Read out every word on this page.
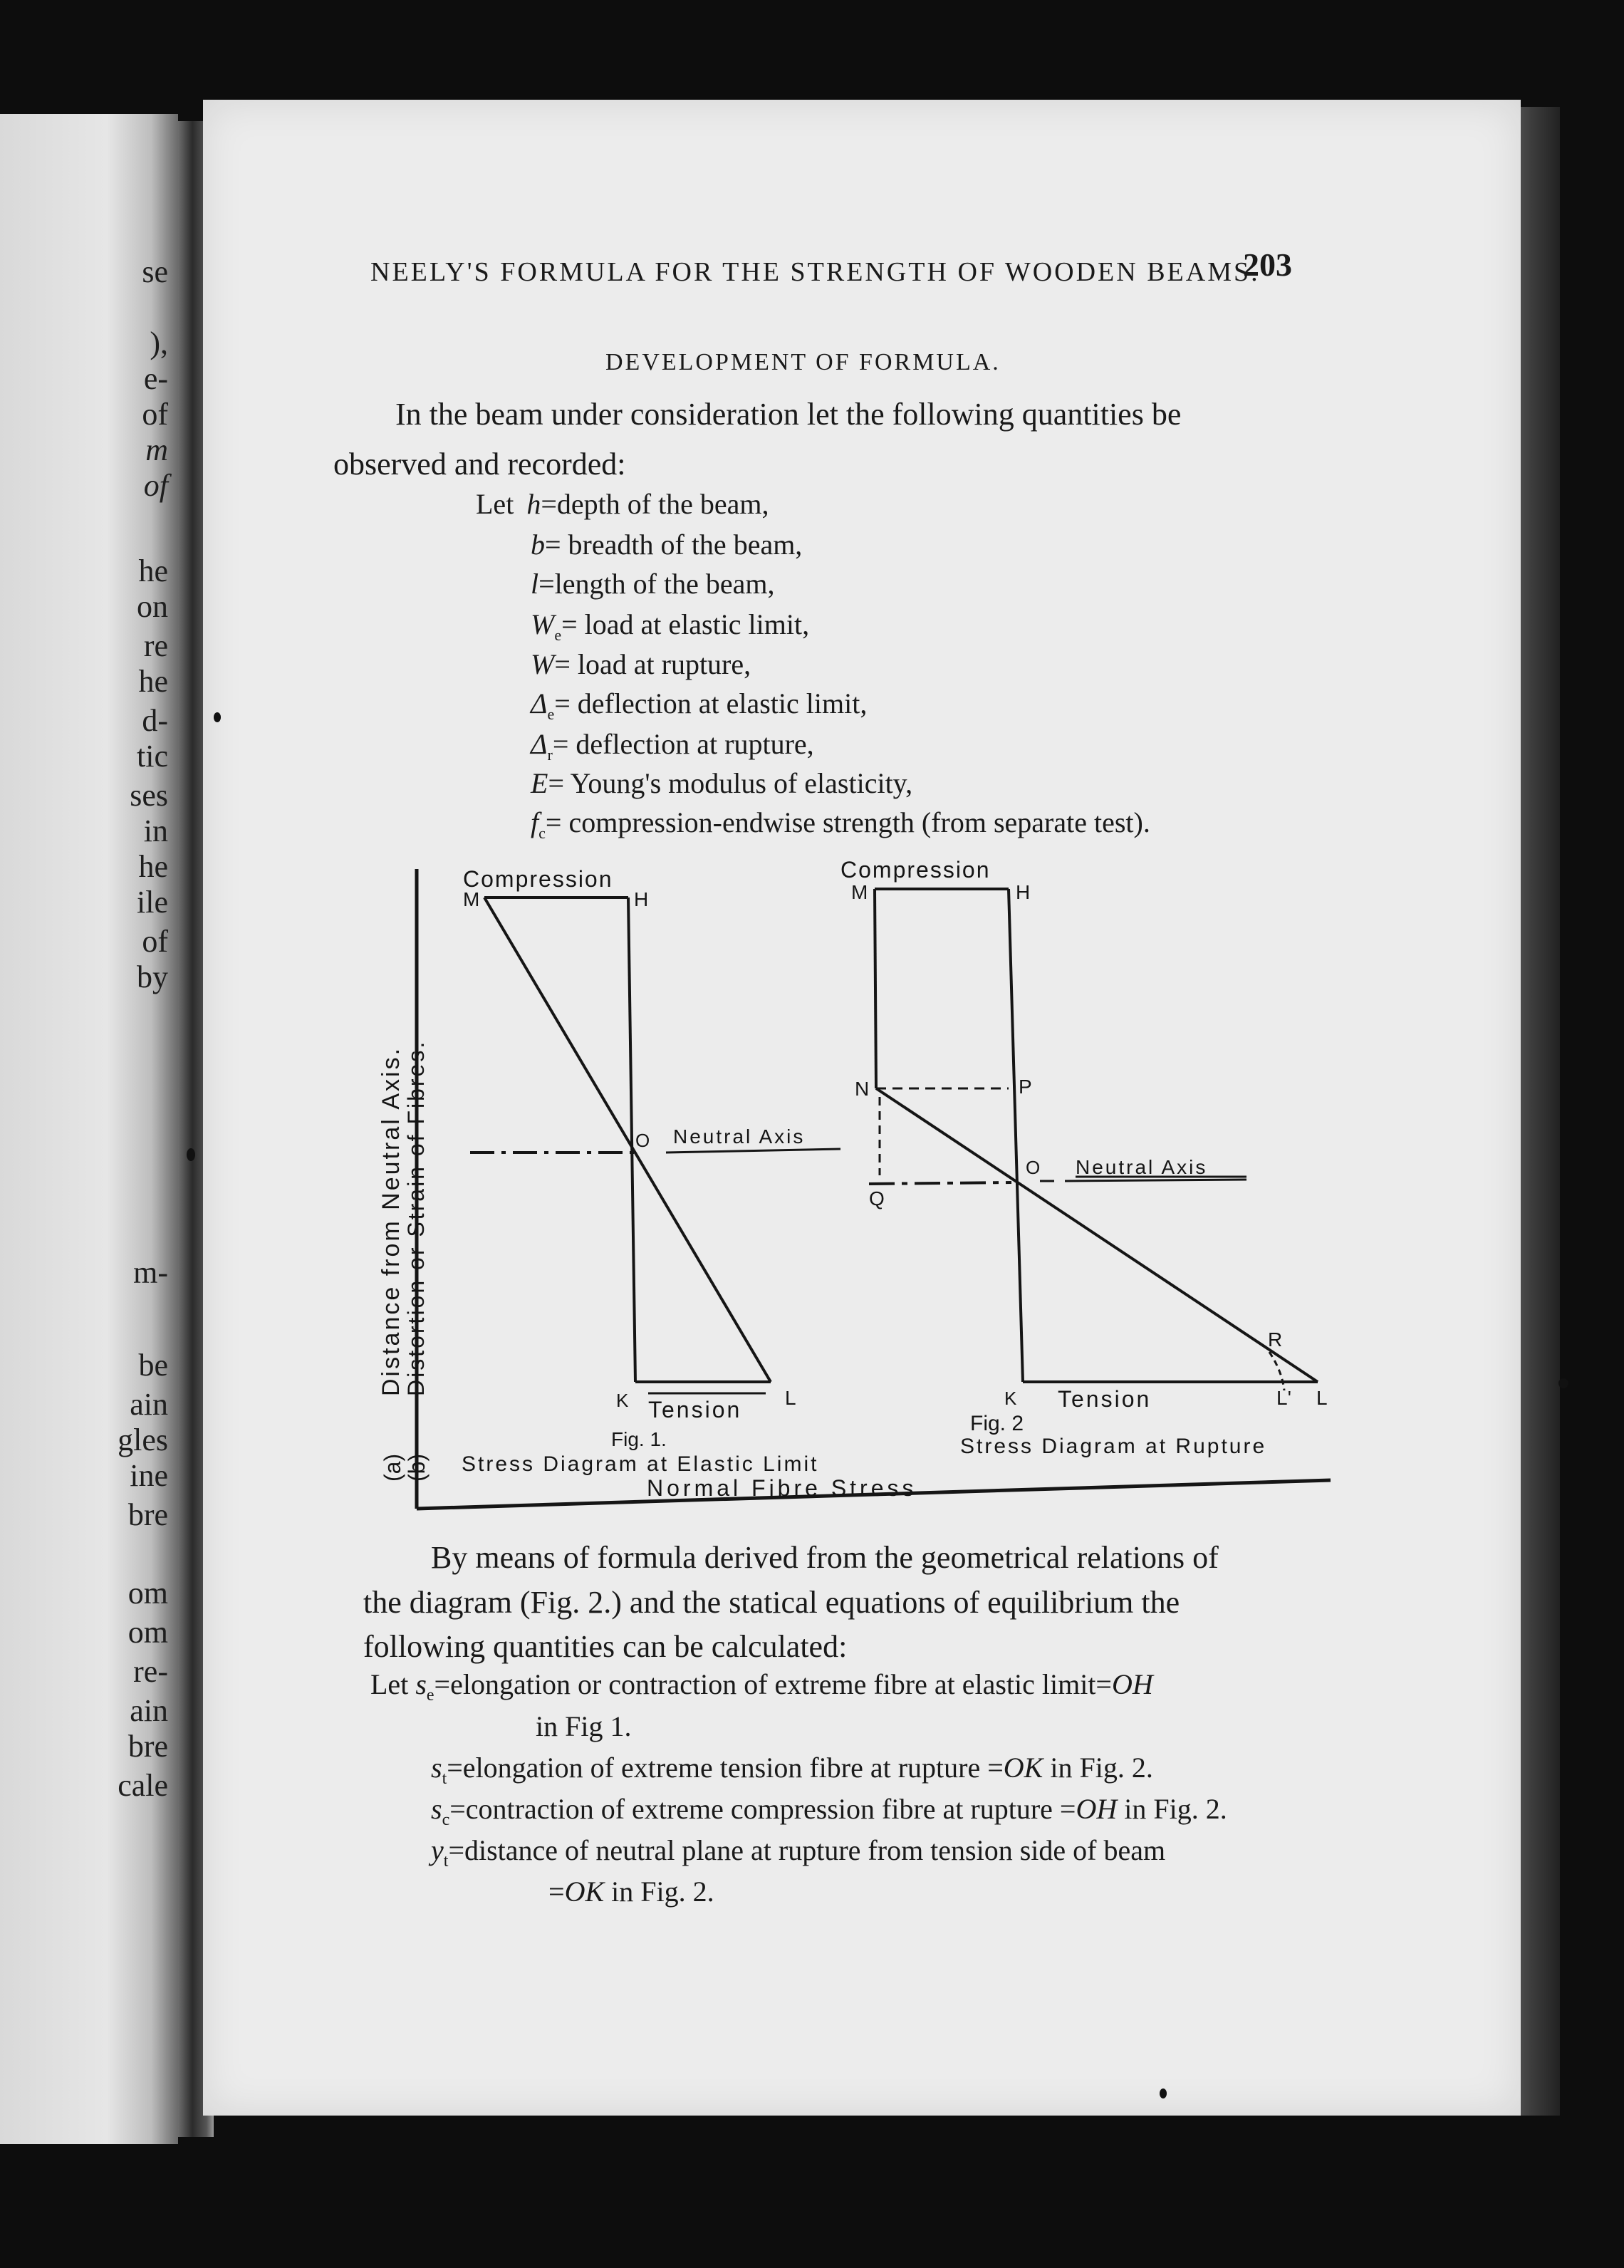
se
),
e-
of
m
of
he
on
re
he
d-
tic
ses
in
he
ile
of
by
m-
be
ain
gles
ine
bre
om
om
re-
ain
bre
cale
NEELY'S FORMULA FOR THE STRENGTH OF WOODEN BEAMS.
203
DEVELOPMENT OF FORMULA.
In the beam under consideration let the following quantities be
observed and recorded:
Let h=depth of the beam,
b= breadth of the beam,
l=length of the beam,
$W_e=$ load at elastic limit,
W= load at rupture,
$\Delta_e=$ deflection at elastic limit,
$\Delta_r=$ deflection at rupture,
E= Young's modulus of elasticity,
$f_c=$ compression-endwise strength (from separate test).
Distance from Neutral Axis.
Distortion or Strain of Fibres.
(a)
(b)
Compression
M	H
O Neutral Axis
K Tension L
Fig. 1.
Stress Diagram at Elastic Limit
Normal Fibre Stress
Compression
M	H
N	P
O Neutral Axis
Q
R
K Tension	L' L
Fig. 2
Stress Diagram at Rupture
By means of formula derived from the geometrical relations of
the diagram (Fig. 2.) and the statical equations of equilibrium the
following quantities can be calculated:
Let $s_e=elongation$ or contraction of extreme fibre at elastic limit=OH
in Fig 1.
$s_t=elongation$ of extreme tension fibre at rupture =OK in Fig. 2.
$s_c=contraction$ of extreme compression fibre at rupture =OH in Fig. 2.
$y_t=distance$ of neutral plane at rupture from tension side of beam
=OK in Fig. 2.
